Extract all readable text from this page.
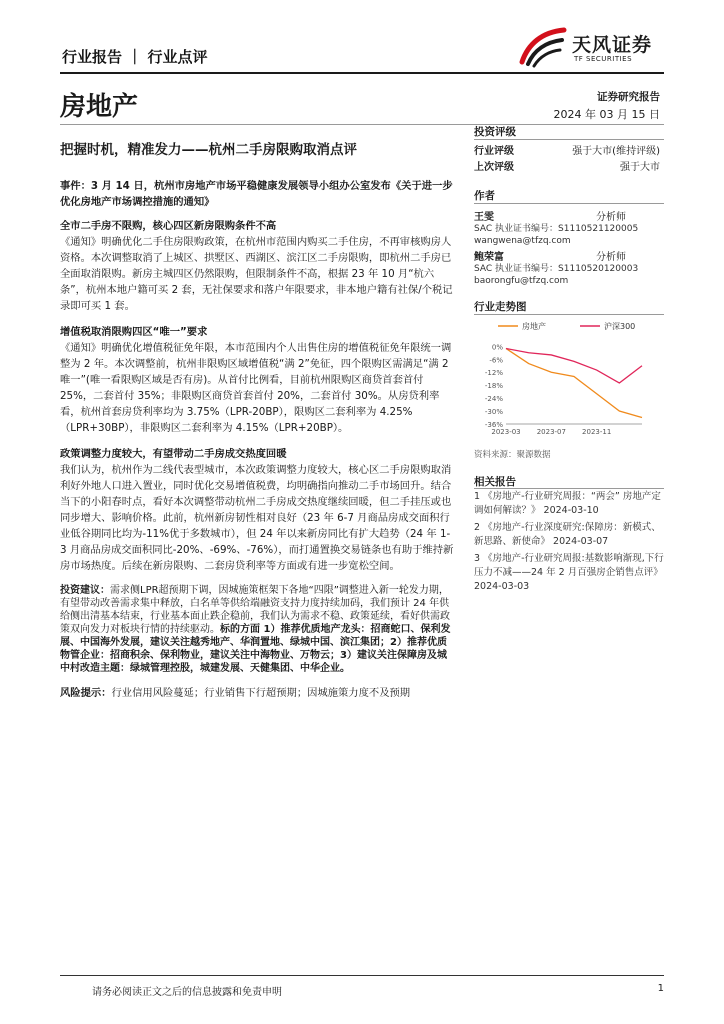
行业报告 ｜ 行业点评
天风证券
TF SECURITIES
房地产	证券研究报告
2024 年 03 月 15 日
把握时机，精准发力——杭州二手房限购取消点评

事件：3 月 14 日，杭州市房地产市场平稳健康发展领导小组办公室发布《关于进一步优化房地产市场调控措施的通知》

全市二手房不限购，核心四区新房限购条件不高

《通知》明确优化二手住房限购政策，在杭州市范围内购买二手住房，不再审核购房人资格。本次调整取消了上城区、拱墅区、西湖区、滨江区二手房限购，即杭州二手房已全面取消限购。新房主城四区仍然限购，但限制条件不高，根据 23 年 10 月“杭六条”，杭州本地户籍可买 2 套，无社保要求和落户年限要求，非本地户籍有社保/个税记录即可买 1 套。

增值税取消限购四区“唯一”要求

《通知》明确优化增值税征免年限，本市范围内个人出售住房的增值税征免年限统一调整为 2 年。本次调整前，杭州非限购区域增值税“满 2”免征，四个限购区需满足“满 2 唯一”(唯一看限购区域是否有房)。从首付比例看，目前杭州限购区商贷首套首付 25%，二套首付 35%；非限购区商贷首套首付 20%，二套首付 30%。从房贷利率看，杭州首套房贷利率均为 3.75%（LPR-20BP），限购区二套利率为 4.25%（LPR+30BP），非限购区二套利率为 4.15%（LPR+20BP）。

政策调整力度较大，有望带动二手房成交热度回暖

我们认为，杭州作为二线代表型城市，本次政策调整力度较大，核心区二手房限购取消利好外地人口进入置业，同时优化交易增值税费，均明确指向推动二手市场回升。结合当下的小阳春时点，看好本次调整带动杭州二手房成交热度继续回暖，但二手挂压或也同步增大、影响价格。此前，杭州新房韧性相对良好（23 年 6-7 月商品房成交面积行业低谷期同比均为-11%优于多数城市），但 24 年以来新房同比有扩大趋势（24 年 1-3 月商品房成交面积同比-20%、-69%、-76%），而打通置换交易链条也有助于维持新房市场热度。后续在新房限购、二套房贷利率等方面或有进一步宽松空间。

投资建议：需求侧LPR超预期下调，因城施策框架下各地“四限”调整进入新一轮发力期，有望带动改善需求集中释放，白名单等供给端融资支持力度持续加码，我们预计 24 年供给侧出清基本结束，行业基本面止跌企稳前，我们认为需求不稳、政策延续，看好供需政策双向发力对板块行情的持续驱动。标的方面 1）推荐优质地产龙头：招商蛇口、保利发展、中国海外发展，建议关注越秀地产、华润置地、绿城中国、滨江集团；2）推荐优质物管企业：招商积余、保利物业，建议关注中海物业、万物云；3）建议关注保障房及城中村改造主题：绿城管理控股，城建发展、天健集团、中华企业。

风险提示：行业信用风险蔓延；行业销售下行超预期；因城施策力度不及预期

投资评级
行业评级	强于大市(维持评级)
上次评级	强于大市
作者
王雯	分析师
SAC 执业证书编号：S1110521120005
wangwena@tfzq.com
鲍荣富	分析师
SAC 执业证书编号：S1110520120003
baorongfu@tfzq.com
行业走势图
房地产	沪深300
0%
-6%
-12%
-18%
-24%
-30%
-36%
2023-03 2023-07 2023-11
资料来源：聚源数据
相关报告
1 《房地产-行业研究周报：“两会” 房地产定调如何解读？》 2024-03-10
2 《房地产-行业深度研究:保障房：新模式、新思路、新使命》 2024-03-07
3 《房地产-行业研究周报:基数影响渐现,下行压力不减——24 年 2 月百强房企销售点评》 2024-03-03
请务必阅读正文之后的信息披露和免责申明	1
